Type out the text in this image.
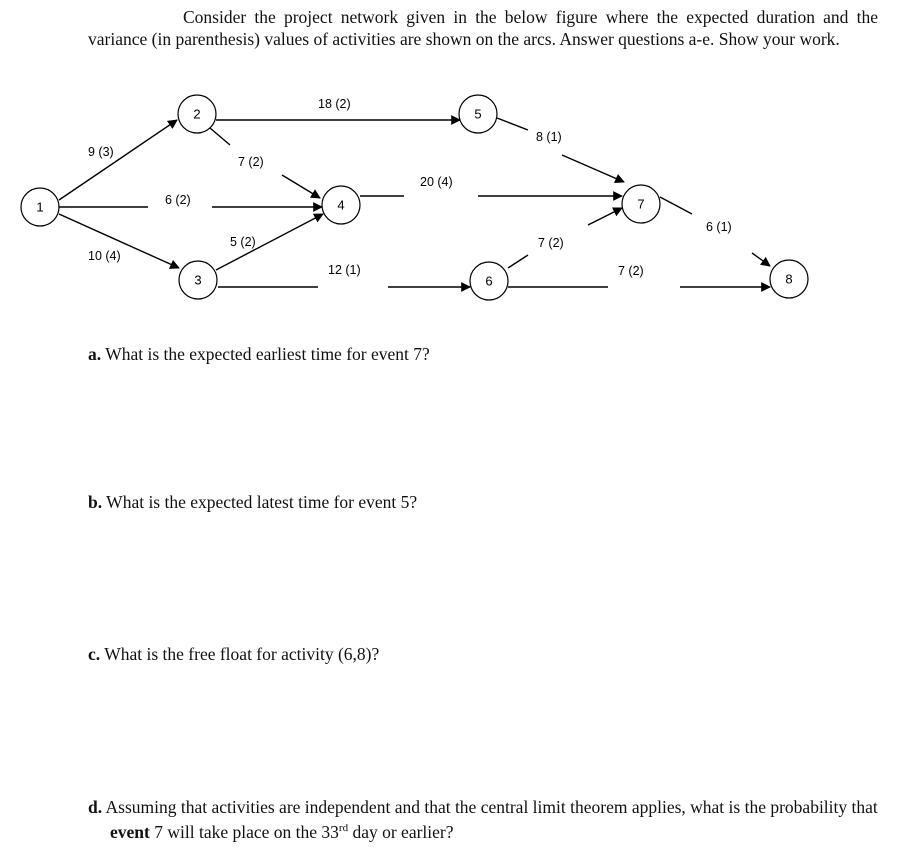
Consider the project network given in the below figure where the expected duration and the variance (in parenthesis) values of activities are shown on the arcs. Answer questions a-e. Show your work.
1
2
3
4
5
6
7
8
9 (3)
6 (2)
10 (4)
18 (2)
7 (2)
5 (2)
12 (1)
20 (4)
8 (1)
7 (2)
6 (1)
7 (2)
a. What is the expected earliest time for event 7?
b. What is the expected latest time for event 5?
c. What is the free float for activity (6,8)?
d. Assuming that activities are independent and that the central limit theorem applies, what is the probability that event 7 will take place on the 33rd day or earlier?
